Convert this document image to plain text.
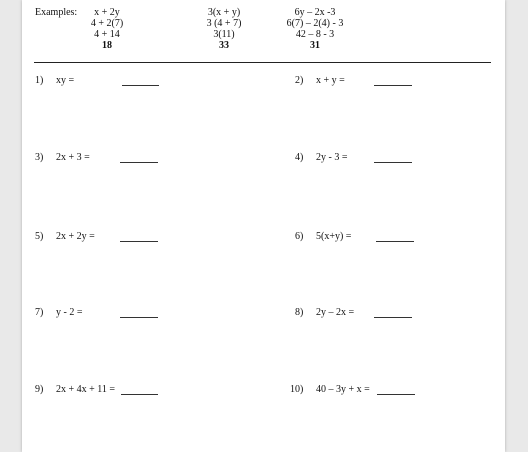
Examples:	x + 2y
4 + 2(7)
4 + 14
18
3(x + y)
3 (4 + 7)
3(11)
33
6y – 2x -3
6(7) – 2(4) - 3
42 – 8 - 3
31
1) xy =
3) 2x + 3 =
5) 2x + 2y =
7) y - 2 =
9) 2x + 4x + 11 =
2) x + y =
4) 2y - 3 =
6) 5(x+y) =
8) 2y – 2x =
10) 40 – 3y + x =
